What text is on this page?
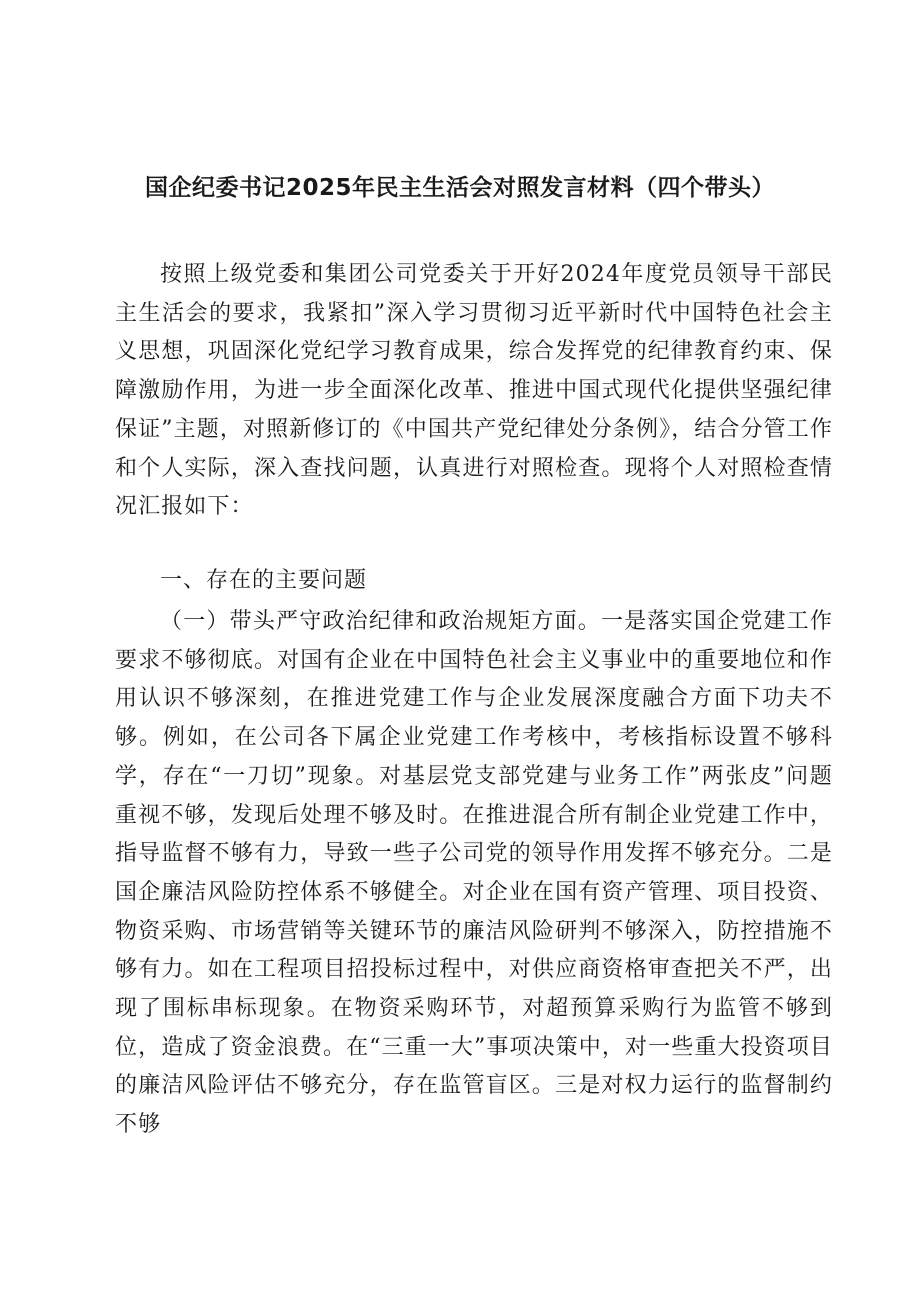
国企纪委书记2025年民主生活会对照发言材料（四个带头）

按照上级党委和集团公司党委关于开好2024年度党员领导干部民主生活会的要求，我紧扣”深入学习贯彻习近平新时代中国特色社会主义思想，巩固深化党纪学习教育成果，综合发挥党的纪律教育约束、保障激励作用，为进一步全面深化改革、推进中国式现代化提供坚强纪律保证”主题，对照新修订的《中国共产党纪律处分条例》，结合分管工作和个人实际，深入查找问题，认真进行对照检查。现将个人对照检查情况汇报如下：

一、存在的主要问题

（一）带头严守政治纪律和政治规矩方面。一是落实国企党建工作要求不够彻底。对国有企业在中国特色社会主义事业中的重要地位和作用认识不够深刻，在推进党建工作与企业发展深度融合方面下功夫不够。例如，在公司各下属企业党建工作考核中，考核指标设置不够科学，存在“一刀切”现象。对基层党支部党建与业务工作”两张皮”问题重视不够，发现后处理不够及时。在推进混合所有制企业党建工作中，指导监督不够有力，导致一些子公司党的领导作用发挥不够充分。二是国企廉洁风险防控体系不够健全。对企业在国有资产管理、项目投资、物资采购、市场营销等关键环节的廉洁风险研判不够深入，防控措施不够有力。如在工程项目招投标过程中，对供应商资格审查把关不严，出现了围标串标现象。在物资采购环节，对超预算采购行为监管不够到位，造成了资金浪费。在“三重一大”事项决策中，对一些重大投资项目的廉洁风险评估不够充分，存在监管盲区。三是对权力运行的监督制约不够
